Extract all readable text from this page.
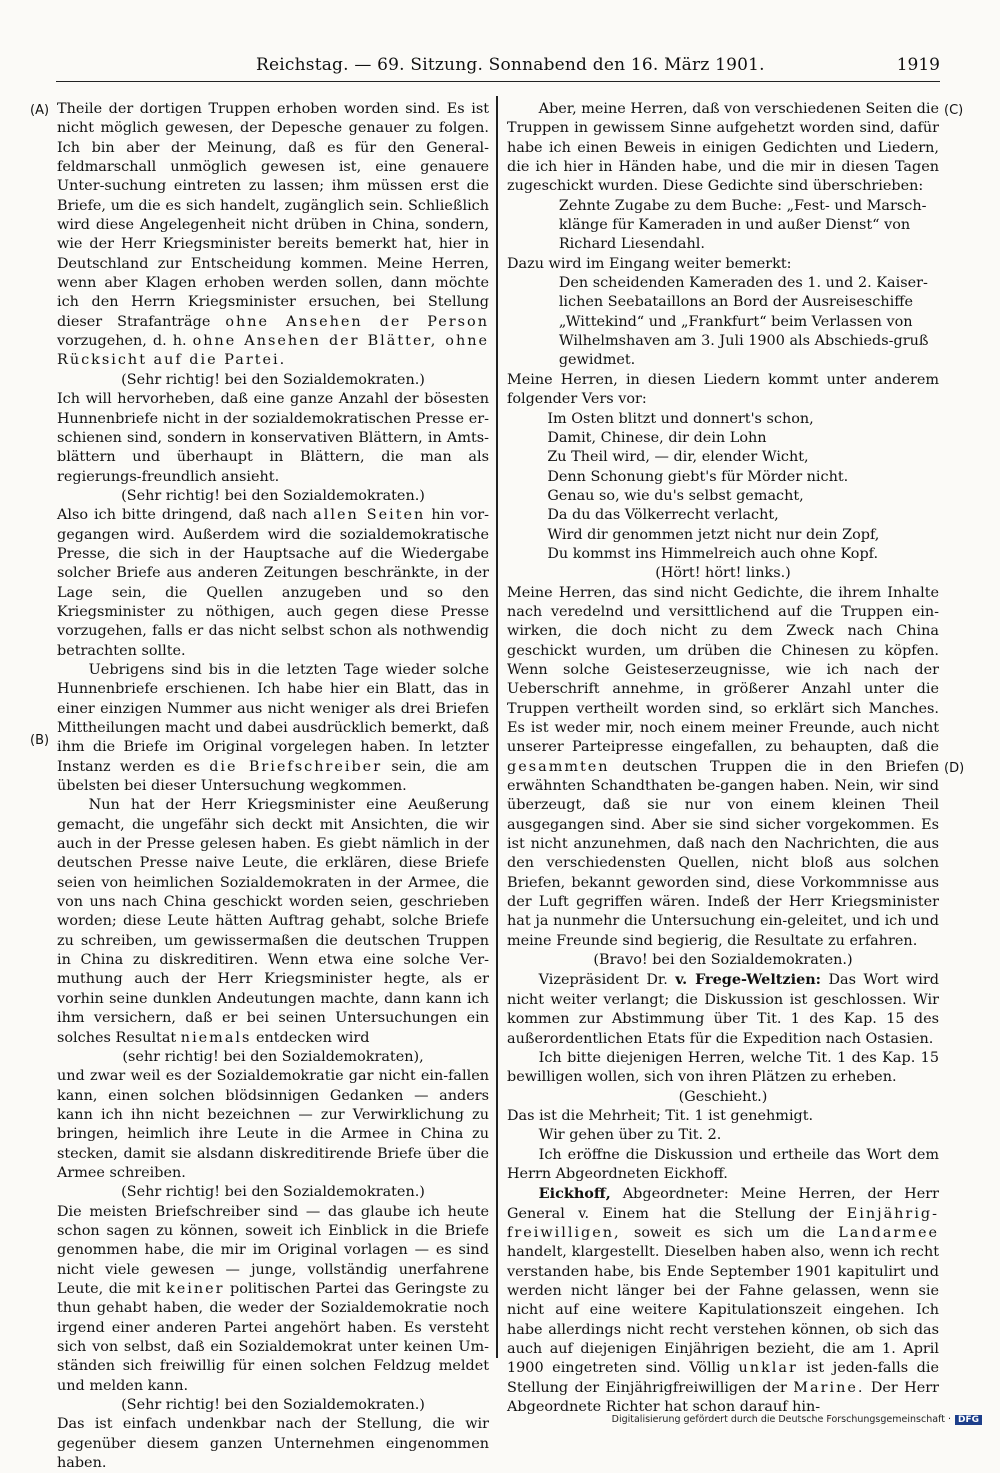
Reichstag. — 69. Sitzung. Sonnabend den 16. März 1901.	1919
(A)
(B)
(C)
(D)

Theile der dortigen Truppen erhoben worden sind. Es ist nicht möglich gewesen, der Depesche genauer zu folgen. Ich bin aber der Meinung, daß es für den General-feldmarschall unmöglich gewesen ist, eine genauere Unter-suchung eintreten zu lassen; ihm müssen erst die Briefe, um die es sich handelt, zugänglich sein. Schließlich wird diese Angelegenheit nicht drüben in China, sondern, wie der Herr Kriegsminister bereits bemerkt hat, hier in Deutschland zur Entscheidung kommen. Meine Herren, wenn aber Klagen erhoben werden sollen, dann möchte ich den Herrn Kriegsminister ersuchen, bei Stellung dieser Strafanträge ohne Ansehen der Person vorzugehen, d. h. ohne Ansehen der Blätter, ohne Rücksicht auf die Partei.

(Sehr richtig! bei den Sozialdemokraten.)

Ich will hervorheben, daß eine ganze Anzahl der bösesten Hunnenbriefe nicht in der sozialdemokratischen Presse er-schienen sind, sondern in konservativen Blättern, in Amts-blättern und überhaupt in Blättern, die man als regierungs-freundlich ansieht.

(Sehr richtig! bei den Sozialdemokraten.)

Also ich bitte dringend, daß nach allen Seiten hin vor-gegangen wird. Außerdem wird die sozialdemokratische Presse, die sich in der Hauptsache auf die Wiedergabe solcher Briefe aus anderen Zeitungen beschränkte, in der Lage sein, die Quellen anzugeben und so den Kriegsminister zu nöthigen, auch gegen diese Presse vorzugehen, falls er das nicht selbst schon als nothwendig betrachten sollte.

Uebrigens sind bis in die letzten Tage wieder solche Hunnenbriefe erschienen. Ich habe hier ein Blatt, das in einer einzigen Nummer aus nicht weniger als drei Briefen Mittheilungen macht und dabei ausdrücklich bemerkt, daß ihm die Briefe im Original vorgelegen haben. In letzter Instanz werden es die Briefschreiber sein, die am übelsten bei dieser Untersuchung wegkommen.

Nun hat der Herr Kriegsminister eine Aeußerung gemacht, die ungefähr sich deckt mit Ansichten, die wir auch in der Presse gelesen haben. Es giebt nämlich in der deutschen Presse naive Leute, die erklären, diese Briefe seien von heimlichen Sozialdemokraten in der Armee, die von uns nach China geschickt worden seien, geschrieben worden; diese Leute hätten Auftrag gehabt, solche Briefe zu schreiben, um gewissermaßen die deutschen Truppen in China zu diskreditiren. Wenn etwa eine solche Ver-muthung auch der Herr Kriegsminister hegte, als er vorhin seine dunklen Andeutungen machte, dann kann ich ihm versichern, daß er bei seinen Untersuchungen ein solches Resultat niemals entdecken wird

(sehr richtig! bei den Sozialdemokraten),

und zwar weil es der Sozialdemokratie gar nicht ein-fallen kann, einen solchen blödsinnigen Gedanken — anders kann ich ihn nicht bezeichnen — zur Verwirklichung zu bringen, heimlich ihre Leute in die Armee in China zu stecken, damit sie alsdann diskreditirende Briefe über die Armee schreiben.

(Sehr richtig! bei den Sozialdemokraten.)

Die meisten Briefschreiber sind — das glaube ich heute schon sagen zu können, soweit ich Einblick in die Briefe genommen habe, die mir im Original vorlagen — es sind nicht viele gewesen — junge, vollständig unerfahrene Leute, die mit keiner politischen Partei das Geringste zu thun gehabt haben, die weder der Sozialdemokratie noch irgend einer anderen Partei angehört haben. Es versteht sich von selbst, daß ein Sozialdemokrat unter keinen Um-ständen sich freiwillig für einen solchen Feldzug meldet und melden kann.

(Sehr richtig! bei den Sozialdemokraten.)

Das ist einfach undenkbar nach der Stellung, die wir gegenüber diesem ganzen Unternehmen eingenommen haben.

Aber, meine Herren, daß von verschiedenen Seiten die Truppen in gewissem Sinne aufgehetzt worden sind, dafür habe ich einen Beweis in einigen Gedichten und Liedern, die ich hier in Händen habe, und die mir in diesen Tagen zugeschickt wurden. Diese Gedichte sind überschrieben:

Zehnte Zugabe zu dem Buche: „Fest- und Marsch-klänge für Kameraden in und außer Dienst“ von Richard Liesendahl.

Dazu wird im Eingang weiter bemerkt:

Den scheidenden Kameraden des 1. und 2. Kaiser-lichen Seebataillons an Bord der Ausreiseschiffe „Wittekind“ und „Frankfurt“ beim Verlassen von Wilhelmshaven am 3. Juli 1900 als Abschieds-gruß gewidmet.

Meine Herren, in diesen Liedern kommt unter anderem folgender Vers vor:

Im Osten blitzt und donnert's schon,

Damit, Chinese, dir dein Lohn

Zu Theil wird, — dir, elender Wicht,

Denn Schonung giebt's für Mörder nicht.

Genau so, wie du's selbst gemacht,

Da du das Völkerrecht verlacht,

Wird dir genommen jetzt nicht nur dein Zopf,

Du kommst ins Himmelreich auch ohne Kopf.

(Hört! hört! links.)

Meine Herren, das sind nicht Gedichte, die ihrem Inhalte nach veredelnd und versittlichend auf die Truppen ein-wirken, die doch nicht zu dem Zweck nach China geschickt wurden, um drüben die Chinesen zu köpfen. Wenn solche Geisteserzeugnisse, wie ich nach der Ueberschrift annehme, in größerer Anzahl unter die Truppen vertheilt worden sind, so erklärt sich Manches. Es ist weder mir, noch einem meiner Freunde, auch nicht unserer Parteipresse eingefallen, zu behaupten, daß die gesammten deutschen Truppen die in den Briefen erwähnten Schandthaten be-gangen haben. Nein, wir sind überzeugt, daß sie nur von einem kleinen Theil ausgegangen sind. Aber sie sind sicher vorgekommen. Es ist nicht anzunehmen, daß nach den Nachrichten, die aus den verschiedensten Quellen, nicht bloß aus solchen Briefen, bekannt geworden sind, diese Vorkommnisse aus der Luft gegriffen wären. Indeß der Herr Kriegsminister hat ja nunmehr die Untersuchung ein-geleitet, und ich und meine Freunde sind begierig, die Resultate zu erfahren.

(Bravo! bei den Sozialdemokraten.)

Vizepräsident Dr. v. Frege-Weltzien: Das Wort wird nicht weiter verlangt; die Diskussion ist geschlossen. Wir kommen zur Abstimmung über Tit. 1 des Kap. 15 des außerordentlichen Etats für die Expedition nach Ostasien.

Ich bitte diejenigen Herren, welche Tit. 1 des Kap. 15 bewilligen wollen, sich von ihren Plätzen zu erheben.

(Geschieht.)

Das ist die Mehrheit; Tit. 1 ist genehmigt.

Wir gehen über zu Tit. 2.

Ich eröffne die Diskussion und ertheile das Wort dem Herrn Abgeordneten Eickhoff.

Eickhoff, Abgeordneter: Meine Herren, der Herr General v. Einem hat die Stellung der Einjährig-freiwilligen, soweit es sich um die Landarmee handelt, klargestellt. Dieselben haben also, wenn ich recht verstanden habe, bis Ende September 1901 kapitulirt und werden nicht länger bei der Fahne gelassen, wenn sie nicht auf eine weitere Kapitulationszeit eingehen. Ich habe allerdings nicht recht verstehen können, ob sich das auch auf diejenigen Einjährigen bezieht, die am 1. April 1900 eingetreten sind. Völlig unklar ist jeden-falls die Stellung der Einjährigfreiwilligen der Marine. Der Herr Abgeordnete Richter hat schon darauf hin-

Digitalisierung gefördert durch die Deutsche Forschungsgemeinschaft · DFG
